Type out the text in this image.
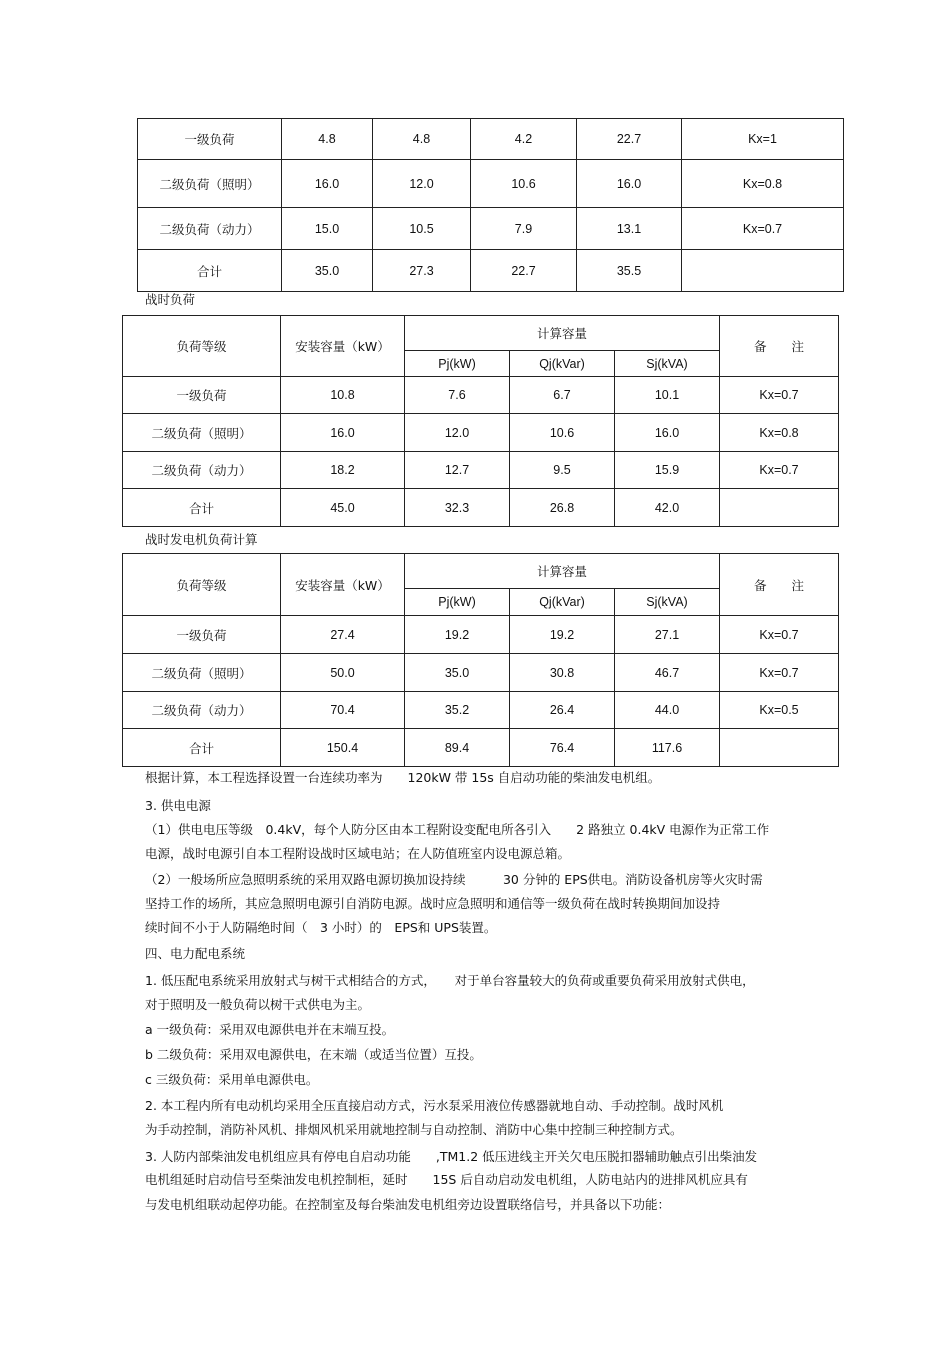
一级负荷	4.8	4.8	4.2	22.7	Kx=1
二级负荷（照明）	16.0	12.0	10.6	16.0	Kx=0.8
二级负荷（动力）	15.0	10.5	7.9	13.1	Kx=0.7
合计	35.0	27.3	22.7	35.5	
战时负荷
负荷等级	安装容量（kW）	计算容量			备　　注
		Pj(kW)	Qj(kVar)	Sj(kVA)	
一级负荷	10.8	7.6	6.7	10.1	Kx=0.7
二级负荷（照明）	16.0	12.0	10.6	16.0	Kx=0.8
二级负荷（动力）	18.2	12.7	9.5	15.9	Kx=0.7
合计	45.0	32.3	26.8	42.0	
战时发电机负荷计算
负荷等级	安装容量（kW）	计算容量			备　　注
		Pj(kW)	Qj(kVar)	Sj(kVA)	
一级负荷	27.4	19.2	19.2	27.1	Kx=0.7
二级负荷（照明）	50.0	35.0	30.8	46.7	Kx=0.7
二级负荷（动力）	70.4	35.2	26.4	44.0	Kx=0.5
合计	150.4	89.4	76.4	117.6	
根据计算，本工程选择设置一台连续功率为　　120kW 带 15s 自启动功能的柴油发电机组。
3. 供电电源
（1）供电电压等级　0.4kV，每个人防分区由本工程附设变配电所各引入　　2 路独立 0.4kV 电源作为正常工作
电源，战时电源引自本工程附设战时区域电站；在人防值班室内设电源总箱。
（2）一般场所应急照明系统的采用双路电源切换加设持续　　　30 分钟的 EPS供电。消防设备机房等火灾时需
坚持工作的场所，其应急照明电源引自消防电源。战时应急照明和通信等一级负荷在战时转换期间加设持
续时间不小于人防隔绝时间（　3 小时）的　EPS和 UPS装置。
四、电力配电系统
1. 低压配电系统采用放射式与树干式相结合的方式，　　对于单台容量较大的负荷或重要负荷采用放射式供电，
对于照明及一般负荷以树干式供电为主。
a 一级负荷：采用双电源供电并在末端互投。
b 二级负荷：采用双电源供电，在末端（或适当位置）互投。
c 三级负荷：采用单电源供电。
2. 本工程内所有电动机均采用全压直接启动方式，污水泵采用液位传感器就地自动、手动控制。战时风机
为手动控制，消防补风机、排烟风机采用就地控制与自动控制、消防中心集中控制三种控制方式。
3. 人防内部柴油发电机组应具有停电自启动功能　　,TM1.2 低压进线主开关欠电压脱扣器辅助触点引出柴油发
电机组延时启动信号至柴油发电机控制柜，延时　　15S 后自动启动发电机组，人防电站内的进排风机应具有
与发电机组联动起停功能。在控制室及每台柴油发电机组旁边设置联络信号，并具备以下功能：
